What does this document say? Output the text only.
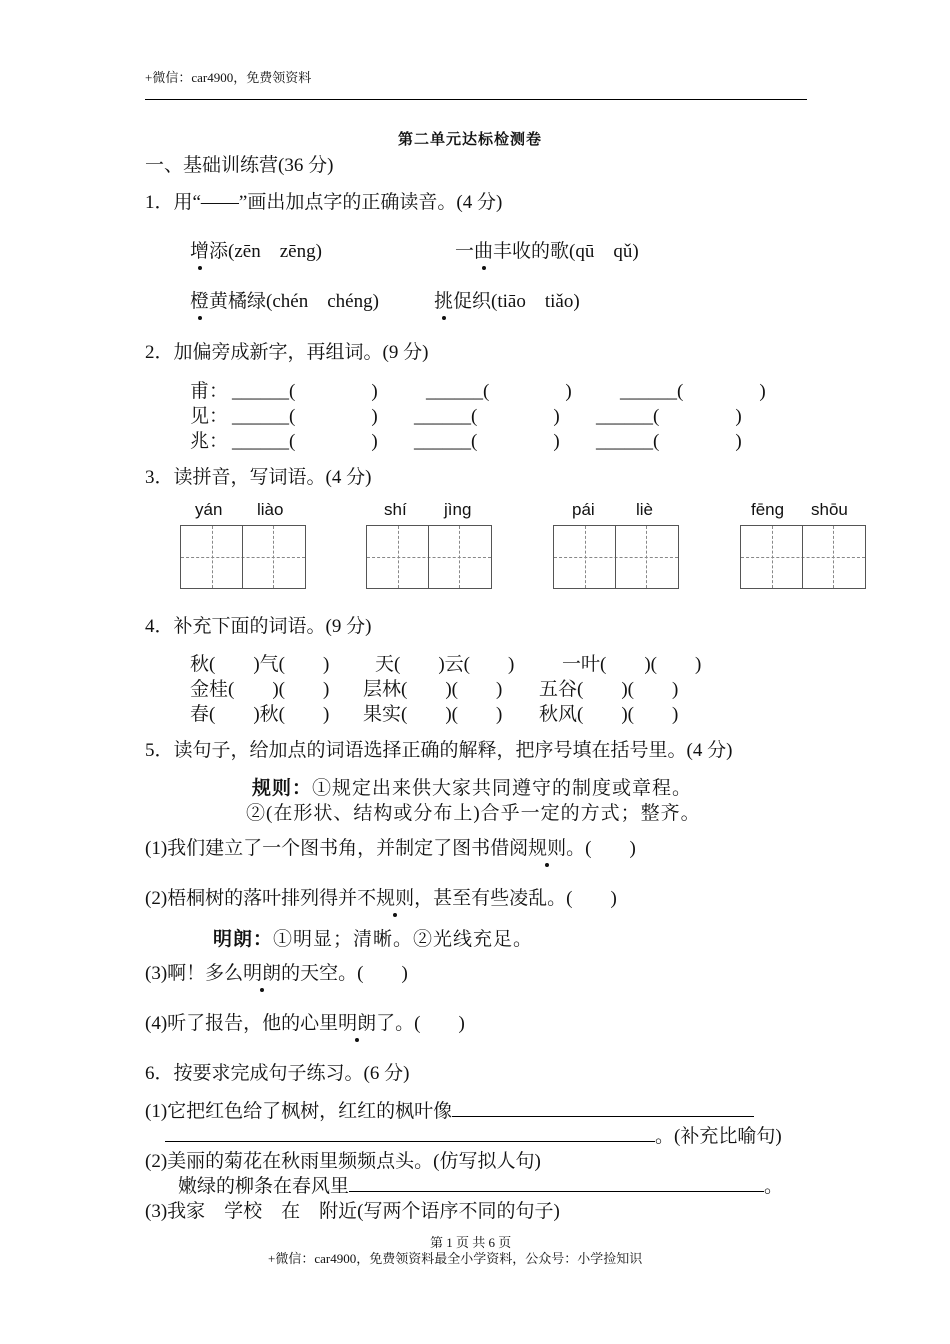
+微信：car4900，免费领资料
第二单元达标检测卷
一、基础训练营(36 分)
1．用“——”画出加点字的正确读音。(4 分)
增添(zēn　zēng)	一曲丰收的歌(qū　qǔ)
橙黄橘绿(chén　chéng)	挑促织(tiāo　tiǎo)
2．加偏旁成新字，再组词。(9 分)
甫： ______(　　　　)	______(　　　　)	______(　　　　)
见： ______(　　　　) ______(　　　　) ______(　　　　)
兆： ______(　　　　) ______(　　　　) ______(　　　　)
3．读拼音，写词语。(4 分)
yán liào	shí jìng	pái liè	fēng shōu
4．补充下面的词语。(9 分)
秋(　　)气(　　) 天(　　)云(　　)	一叶(　　)(　　)
金桂(　　)(　　) 层林(　　)(　　) 五谷(　　)(　　)
春(　　)秋(　　) 果实(　　)(　　) 秋风(　　)(　　)
5．读句子，给加点的词语选择正确的解释，把序号填在括号里。(4 分)
规则：①规定出来供大家共同遵守的制度或章程。
②(在形状、结构或分布上)合乎一定的方式；整齐。
(1)我们建立了一个图书角，并制定了图书借阅规则。(　　)
(2)梧桐树的落叶排列得并不规则，甚至有些凌乱。(　　)
明朗：①明显；清晰。②光线充足。
(3)啊！多么明朗的天空。(　　)
(4)听了报告，他的心里明朗了。(　　)
6．按要求完成句子练习。(6 分)
(1)它把红色给了枫树，红红的枫叶像
。(补充比喻句)
(2)美丽的菊花在秋雨里频频点头。(仿写拟人句)
嫩绿的柳条在春风里	。
(3)我家　学校　在　附近(写两个语序不同的句子)
第 1 页 共 6 页
+微信：car4900，免费领资料最全小学资料，公众号：小学捡知识
